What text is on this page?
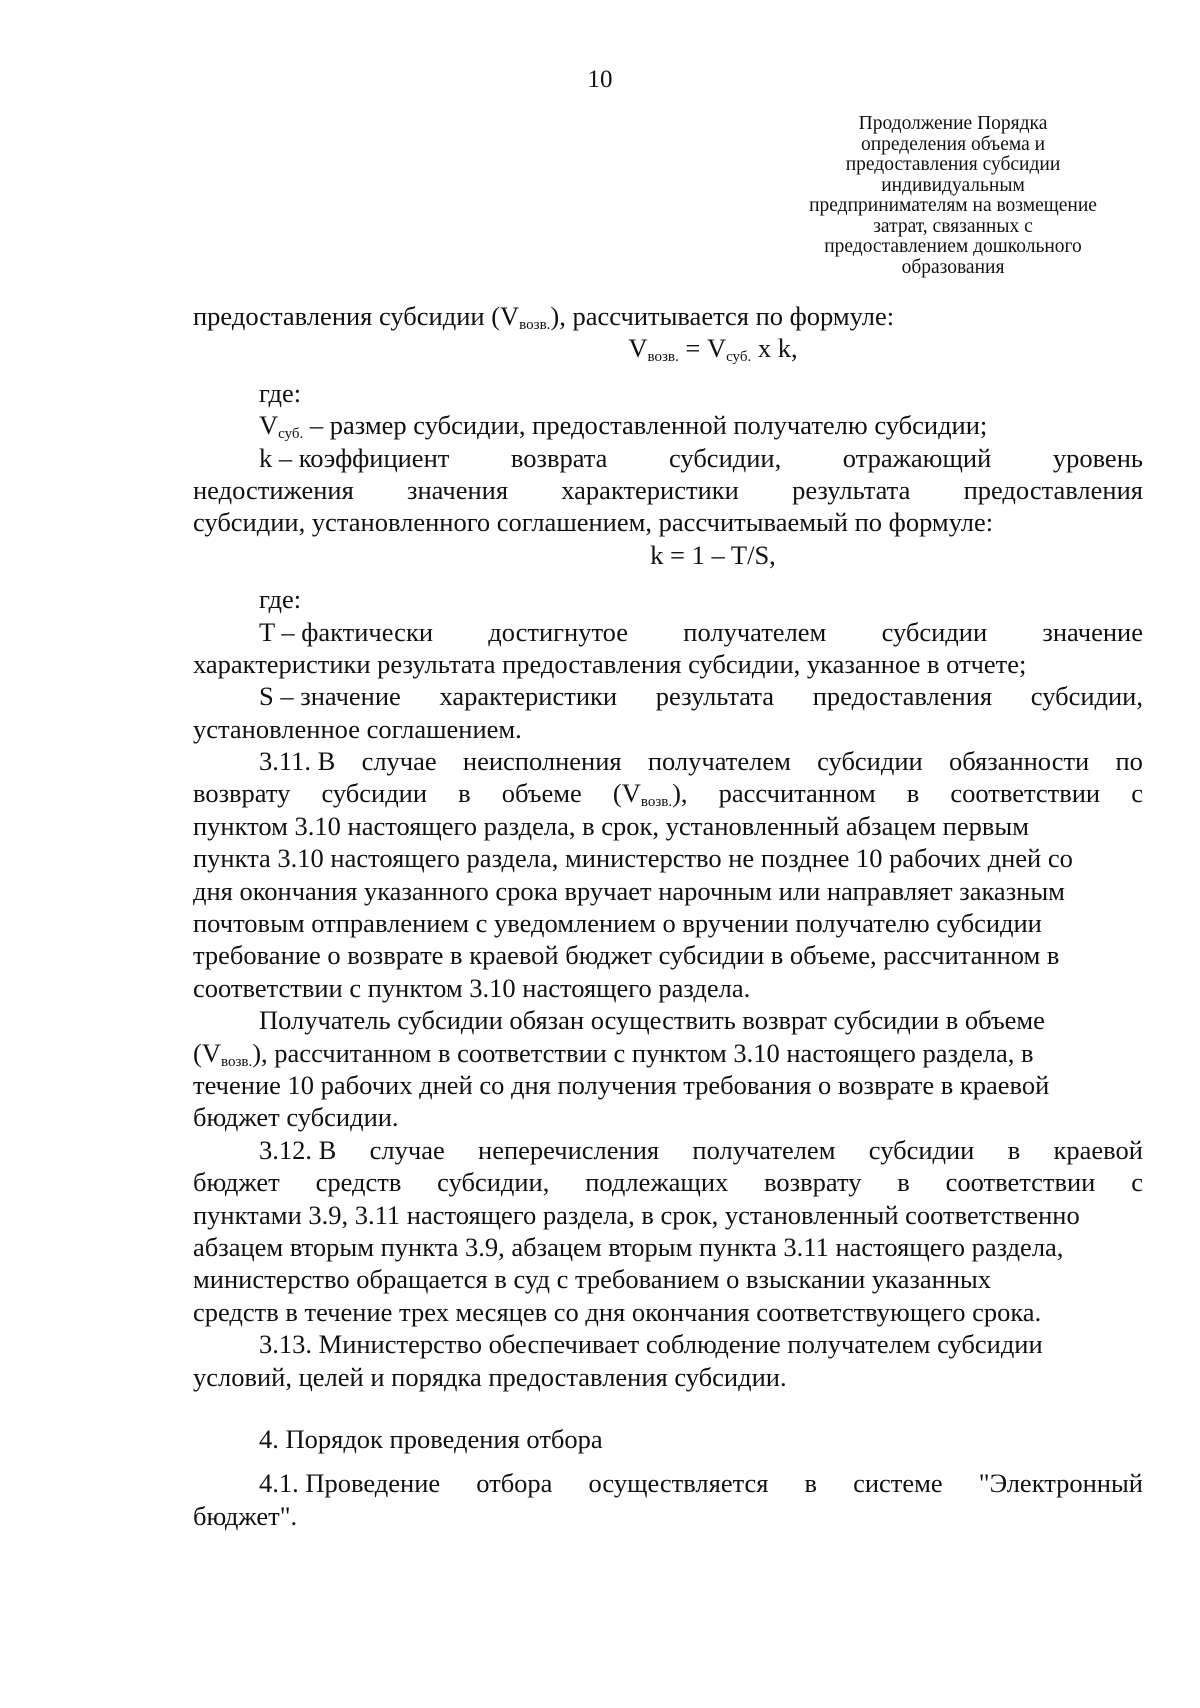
10
Продолжение Порядка
определения объема и
предоставления субсидии
индивидуальным
предпринимателям на возмещение
затрат, связанных с
предоставлением дошкольного
образования
предоставления субсидии $(V_{возв.})$, рассчитывается по формуле:
$V_{возв.} = V_{суб.}$ x k,
где:
$V_{суб.}$ – размер субсидии, предоставленной получателю субсидии;
k – коэффициент возврата субсидии, отражающий уровень
недостижения значения характеристики результата предоставления
субсидии, установленного соглашением, рассчитываемый по формуле:
k = 1 – T/S,
где:
T – фактически достигнутое получателем субсидии значение
характеристики результата предоставления субсидии, указанное в отчете;
S – значение характеристики результата предоставления субсидии,
установленное соглашением.
3.11. В случае неисполнения получателем субсидии обязанности по
возврату субсидии в объеме $(V_{возв.})$, рассчитанном в соответствии с
пунктом 3.10 настоящего раздела, в срок, установленный абзацем первым
пункта 3.10 настоящего раздела, министерство не позднее 10 рабочих дней со
дня окончания указанного срока вручает нарочным или направляет заказным
почтовым отправлением с уведомлением о вручении получателю субсидии
требование о возврате в краевой бюджет субсидии в объеме, рассчитанном в
соответствии с пунктом 3.10 настоящего раздела.
Получатель субсидии обязан осуществить возврат субсидии в объеме
$(V_{возв.})$, рассчитанном в соответствии с пунктом 3.10 настоящего раздела, в
течение 10 рабочих дней со дня получения требования о возврате в краевой
бюджет субсидии.
3.12. В случае неперечисления получателем субсидии в краевой
бюджет средств субсидии, подлежащих возврату в соответствии с
пунктами 3.9, 3.11 настоящего раздела, в срок, установленный соответственно
абзацем вторым пункта 3.9, абзацем вторым пункта 3.11 настоящего раздела,
министерство обращается в суд с требованием о взыскании указанных
средств в течение трех месяцев со дня окончания соответствующего срока.
3.13. Министерство обеспечивает соблюдение получателем субсидии
условий, целей и порядка предоставления субсидии.
4. Порядок проведения отбора
4.1. Проведение отбора осуществляется в системе "Электронный
бюджет".
